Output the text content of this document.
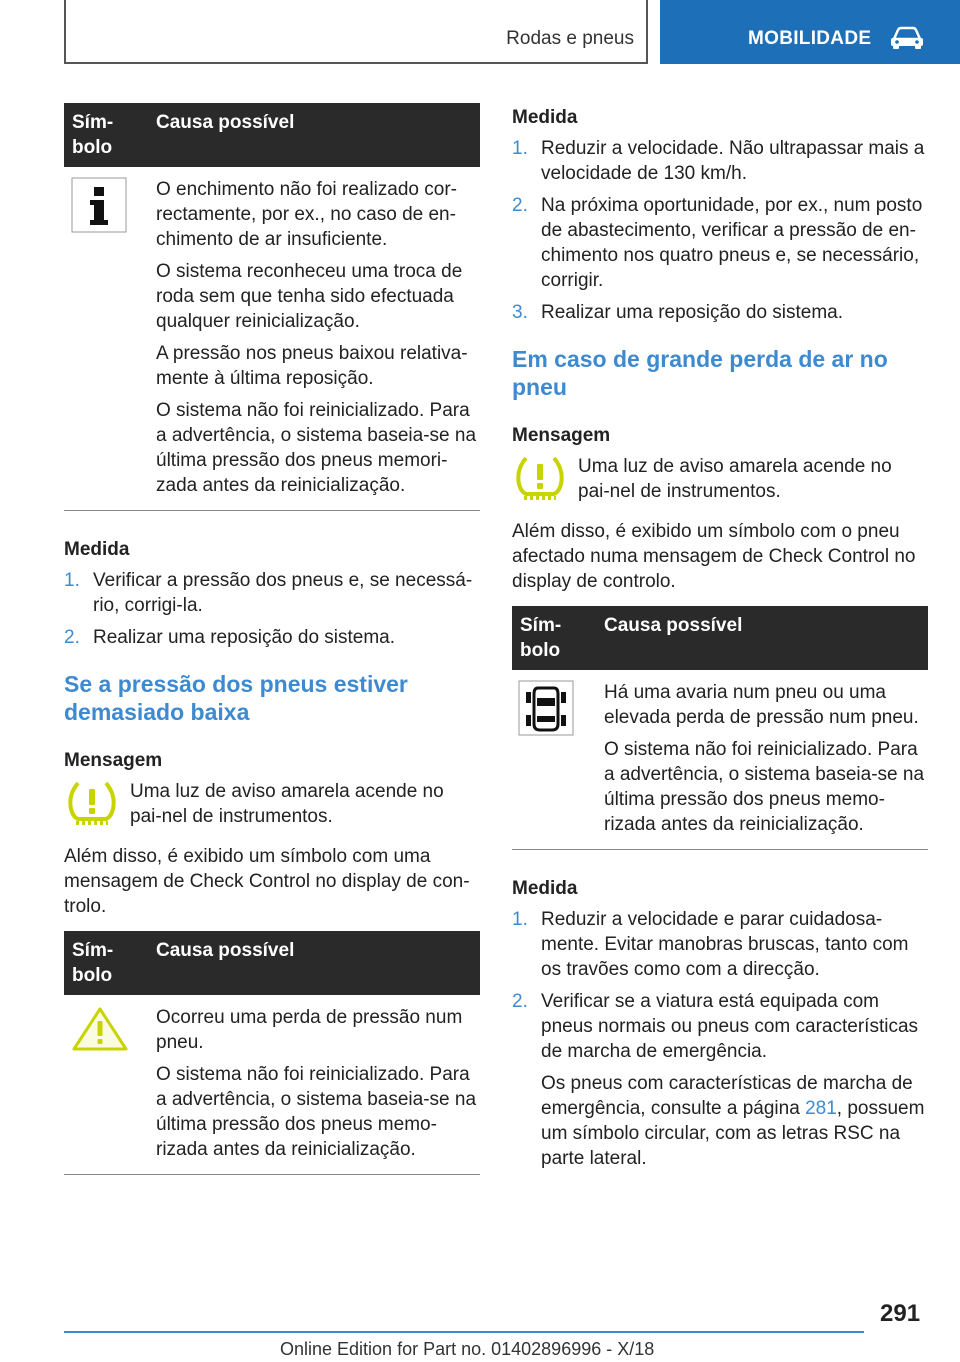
Rodas e pneus	MOBILIDADE
Sím-bolo	Causa possível

O enchimento não foi realizado cor-rectamente, por ex., no caso de en-chimento de ar insuficiente.

O sistema reconheceu uma troca de roda sem que tenha sido efectuada qualquer reinicialização.

A pressão nos pneus baixou relativa-mente à última reposição.

O sistema não foi reinicializado. Para a advertência, o sistema baseia-se na última pressão dos pneus memori-zada antes da reinicialização.

Medida

1. Verificar a pressão dos pneus e, se necessá-rio, corrigi-la.
2. Realizar uma reposição do sistema.
Se a pressão dos pneus estiver demasiado baixa

Mensagem

Uma luz de aviso amarela acende no pai-nel de instrumentos.

Além disso, é exibido um símbolo com uma mensagem de Check Control no display de con-trolo.

Sím-bolo	Causa possível

Ocorreu uma perda de pressão num pneu.

O sistema não foi reinicializado. Para a advertência, o sistema baseia-se na última pressão dos pneus memo-rizada antes da reinicialização.

Medida

1. Reduzir a velocidade. Não ultrapassar mais a velocidade de 130 km/h.
2. Na próxima oportunidade, por ex., num posto de abastecimento, verificar a pressão de en-chimento nos quatro pneus e, se necessário, corrigir.
3. Realizar uma reposição do sistema.
Em caso de grande perda de ar no pneu

Mensagem

Uma luz de aviso amarela acende no pai-nel de instrumentos.

Além disso, é exibido um símbolo com o pneu afectado numa mensagem de Check Control no display de controlo.

Sím-bolo	Causa possível

Há uma avaria num pneu ou uma elevada perda de pressão num pneu.

O sistema não foi reinicializado. Para a advertência, o sistema baseia-se na última pressão dos pneus memo-rizada antes da reinicialização.

Medida

1. Reduzir a velocidade e parar cuidadosa-mente. Evitar manobras bruscas, tanto com os travões como com a direcção.
2. Verificar se a viatura está equipada com pneus normais ou pneus com características de marcha de emergência.

Os pneus com características de marcha de emergência, consulte a página 281, possuem um símbolo circular, com as letras RSC na parte lateral.

291
Online Edition for Part no. 01402896996 - X/18
